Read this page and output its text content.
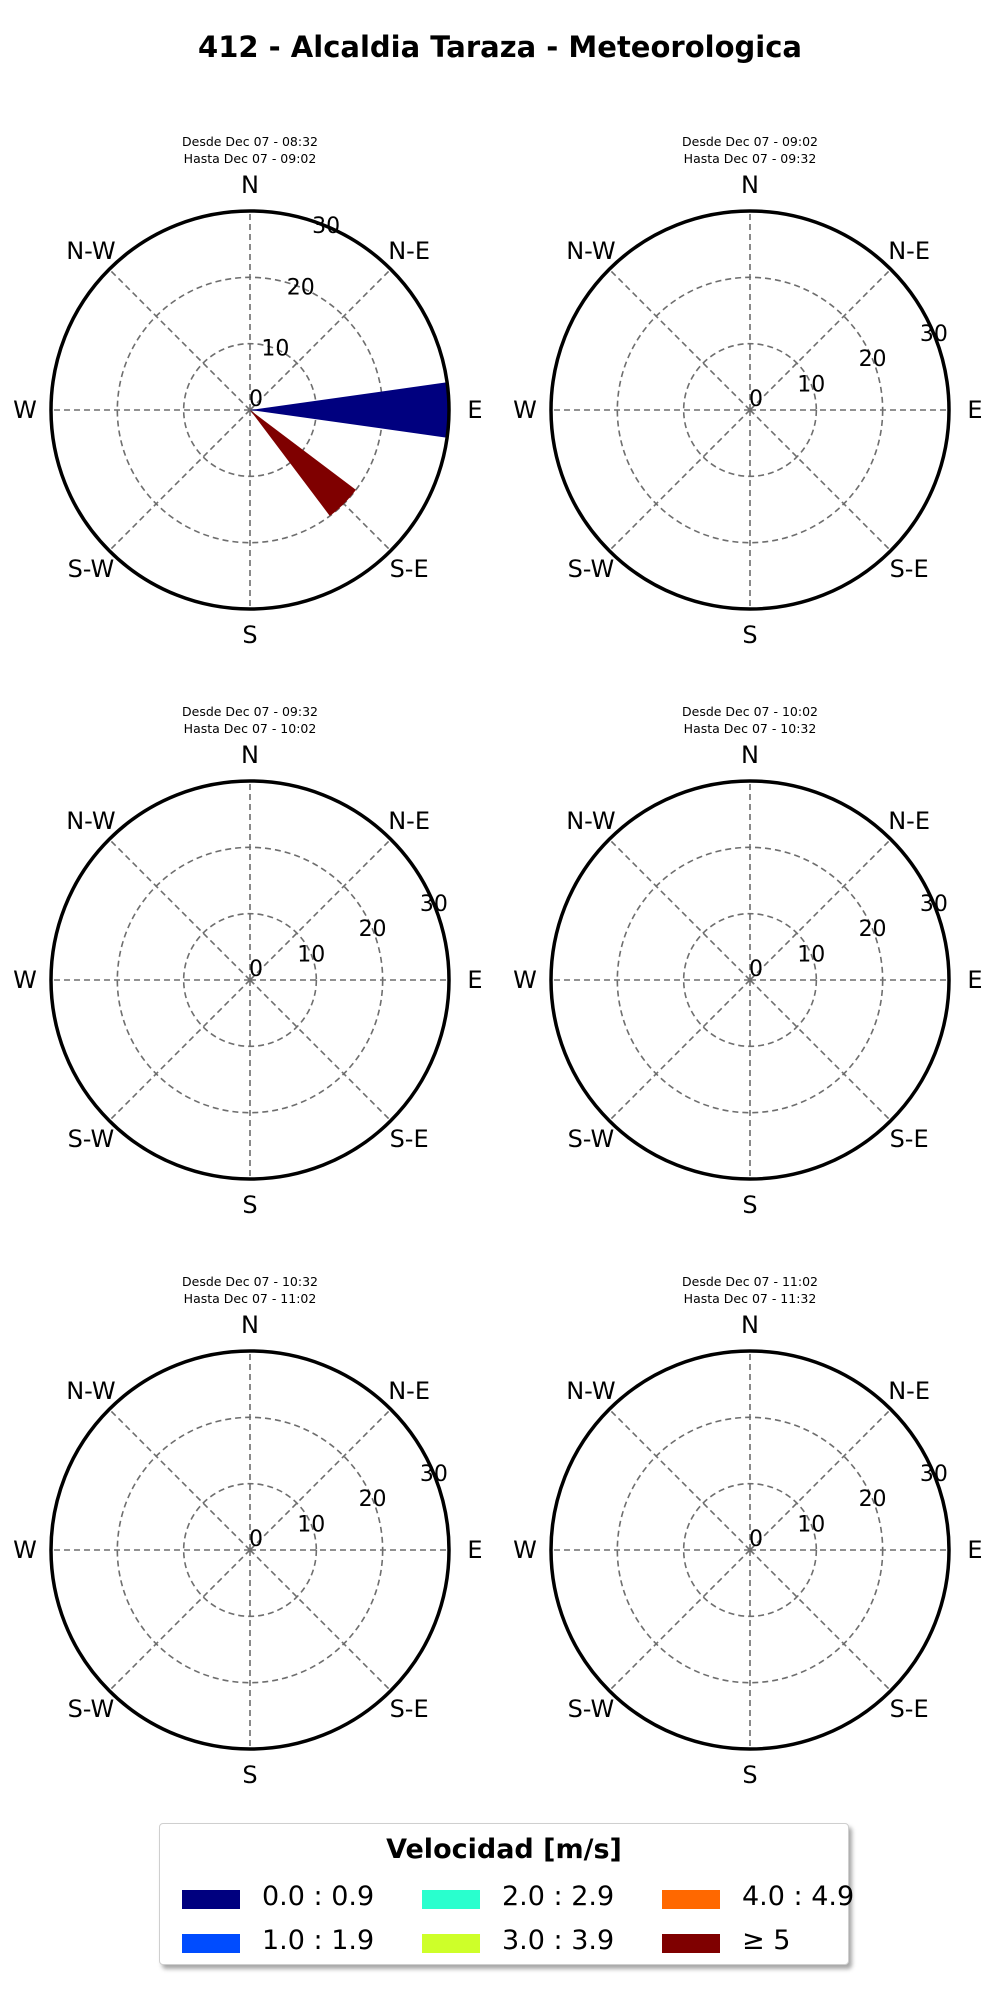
412 - Alcaldia Taraza - Meteorologica
Desde Dec 07 - 08:32
Hasta Dec 07 - 09:02
N
N-E
E
S-E
S
S-W
W
N-W
0
10
20
30
Desde Dec 07 - 09:02
Hasta Dec 07 - 09:32
N
N-E
E
S-E
S
S-W
W
N-W
0
10
20
30
Desde Dec 07 - 09:32
Hasta Dec 07 - 10:02
N
N-E
E
S-E
S
S-W
W
N-W
0
10
20
30
Desde Dec 07 - 10:02
Hasta Dec 07 - 10:32
N
N-E
E
S-E
S
S-W
W
N-W
0
10
20
30
Desde Dec 07 - 10:32
Hasta Dec 07 - 11:02
N
N-E
E
S-E
S
S-W
W
N-W
0
10
20
30
Desde Dec 07 - 11:02
Hasta Dec 07 - 11:32
N
N-E
E
S-E
S
S-W
W
N-W
0
10
20
30
Velocidad [m/s]
0.0 : 0.9	2.0 : 2.9	4.0 : 4.9
1.0 : 1.9	3.0 : 3.9	≥ 5
